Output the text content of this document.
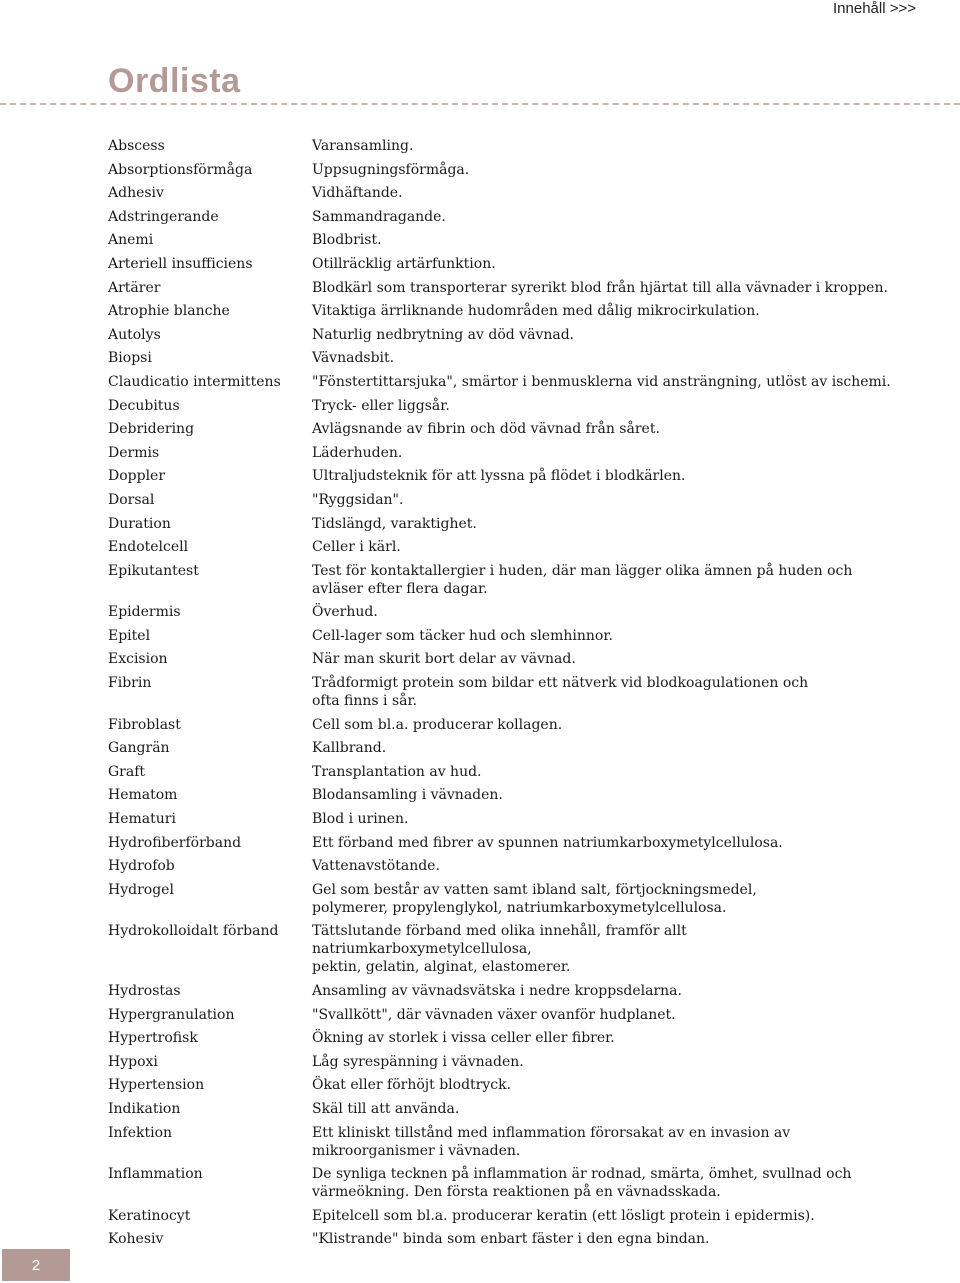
Innehåll >>>
Ordlista
Abscess	Varansamling.
Absorptionsförmåga	Uppsugningsförmåga.
Adhesiv	Vidhäftande.
Adstringerande	Sammandragande.
Anemi	Blodbrist.
Arteriell insufficiens	Otillräcklig artärfunktion.
Artärer	Blodkärl som transporterar syrerikt blod från hjärtat till alla vävnader i kroppen.
Atrophie blanche	Vitaktiga ärrliknande hudområden med dålig mikrocirkulation.
Autolys	Naturlig nedbrytning av död vävnad.
Biopsi	Vävnadsbit.
Claudicatio intermittens	"Fönstertittarsjuka", smärtor i benmusklerna vid ansträngning, utlöst av ischemi.
Decubitus	Tryck- eller liggsår.
Debridering	Avlägsnande av fibrin och död vävnad från såret.
Dermis	Läderhuden.
Doppler	Ultraljudsteknik för att lyssna på flödet i blodkärlen.
Dorsal	"Ryggsidan".
Duration	Tidslängd, varaktighet.
Endotelcell	Celler i kärl.
Epikutantest	Test för kontaktallergier i huden, där man lägger olika ämnen på huden och
avläser efter flera dagar.
Epidermis	Överhud.
Epitel	Cell-lager som täcker hud och slemhinnor.
Excision	När man skurit bort delar av vävnad.
Fibrin	Trådformigt protein som bildar ett nätverk vid blodkoagulationen och
ofta finns i sår.
Fibroblast	Cell som bl.a. producerar kollagen.
Gangrän	Kallbrand.
Graft	Transplantation av hud.
Hematom	Blodansamling i vävnaden.
Hematuri	Blod i urinen.
Hydrofiberförband	Ett förband med fibrer av spunnen natriumkarboxymetylcellulosa.
Hydrofob	Vattenavstötande.
Hydrogel	Gel som består av vatten samt ibland salt, förtjockningsmedel,
polymerer, propylenglykol, natriumkarboxymetylcellulosa.
Hydrokolloidalt förband	Tättslutande förband med olika innehåll, framför allt natriumkarboxymetylcellulosa,
pektin, gelatin, alginat, elastomerer.
Hydrostas	Ansamling av vävnadsvätska i nedre kroppsdelarna.
Hypergranulation	"Svallkött", där vävnaden växer ovanför hudplanet.
Hypertrofisk	Ökning av storlek i vissa celler eller fibrer.
Hypoxi	Låg syrespänning i vävnaden.
Hypertension	Ökat eller förhöjt blodtryck.
Indikation	Skäl till att använda.
Infektion	Ett kliniskt tillstånd med inflammation förorsakat av en invasion av
mikroorganismer i vävnaden.
Inflammation	De synliga tecknen på inflammation är rodnad, smärta, ömhet, svullnad och
värmeökning. Den första reaktionen på en vävnadsskada.
Keratinocyt	Epitelcell som bl.a. producerar keratin (ett lösligt protein i epidermis).
Kohesiv	"Klistrande" binda som enbart fäster i den egna bindan.
2
